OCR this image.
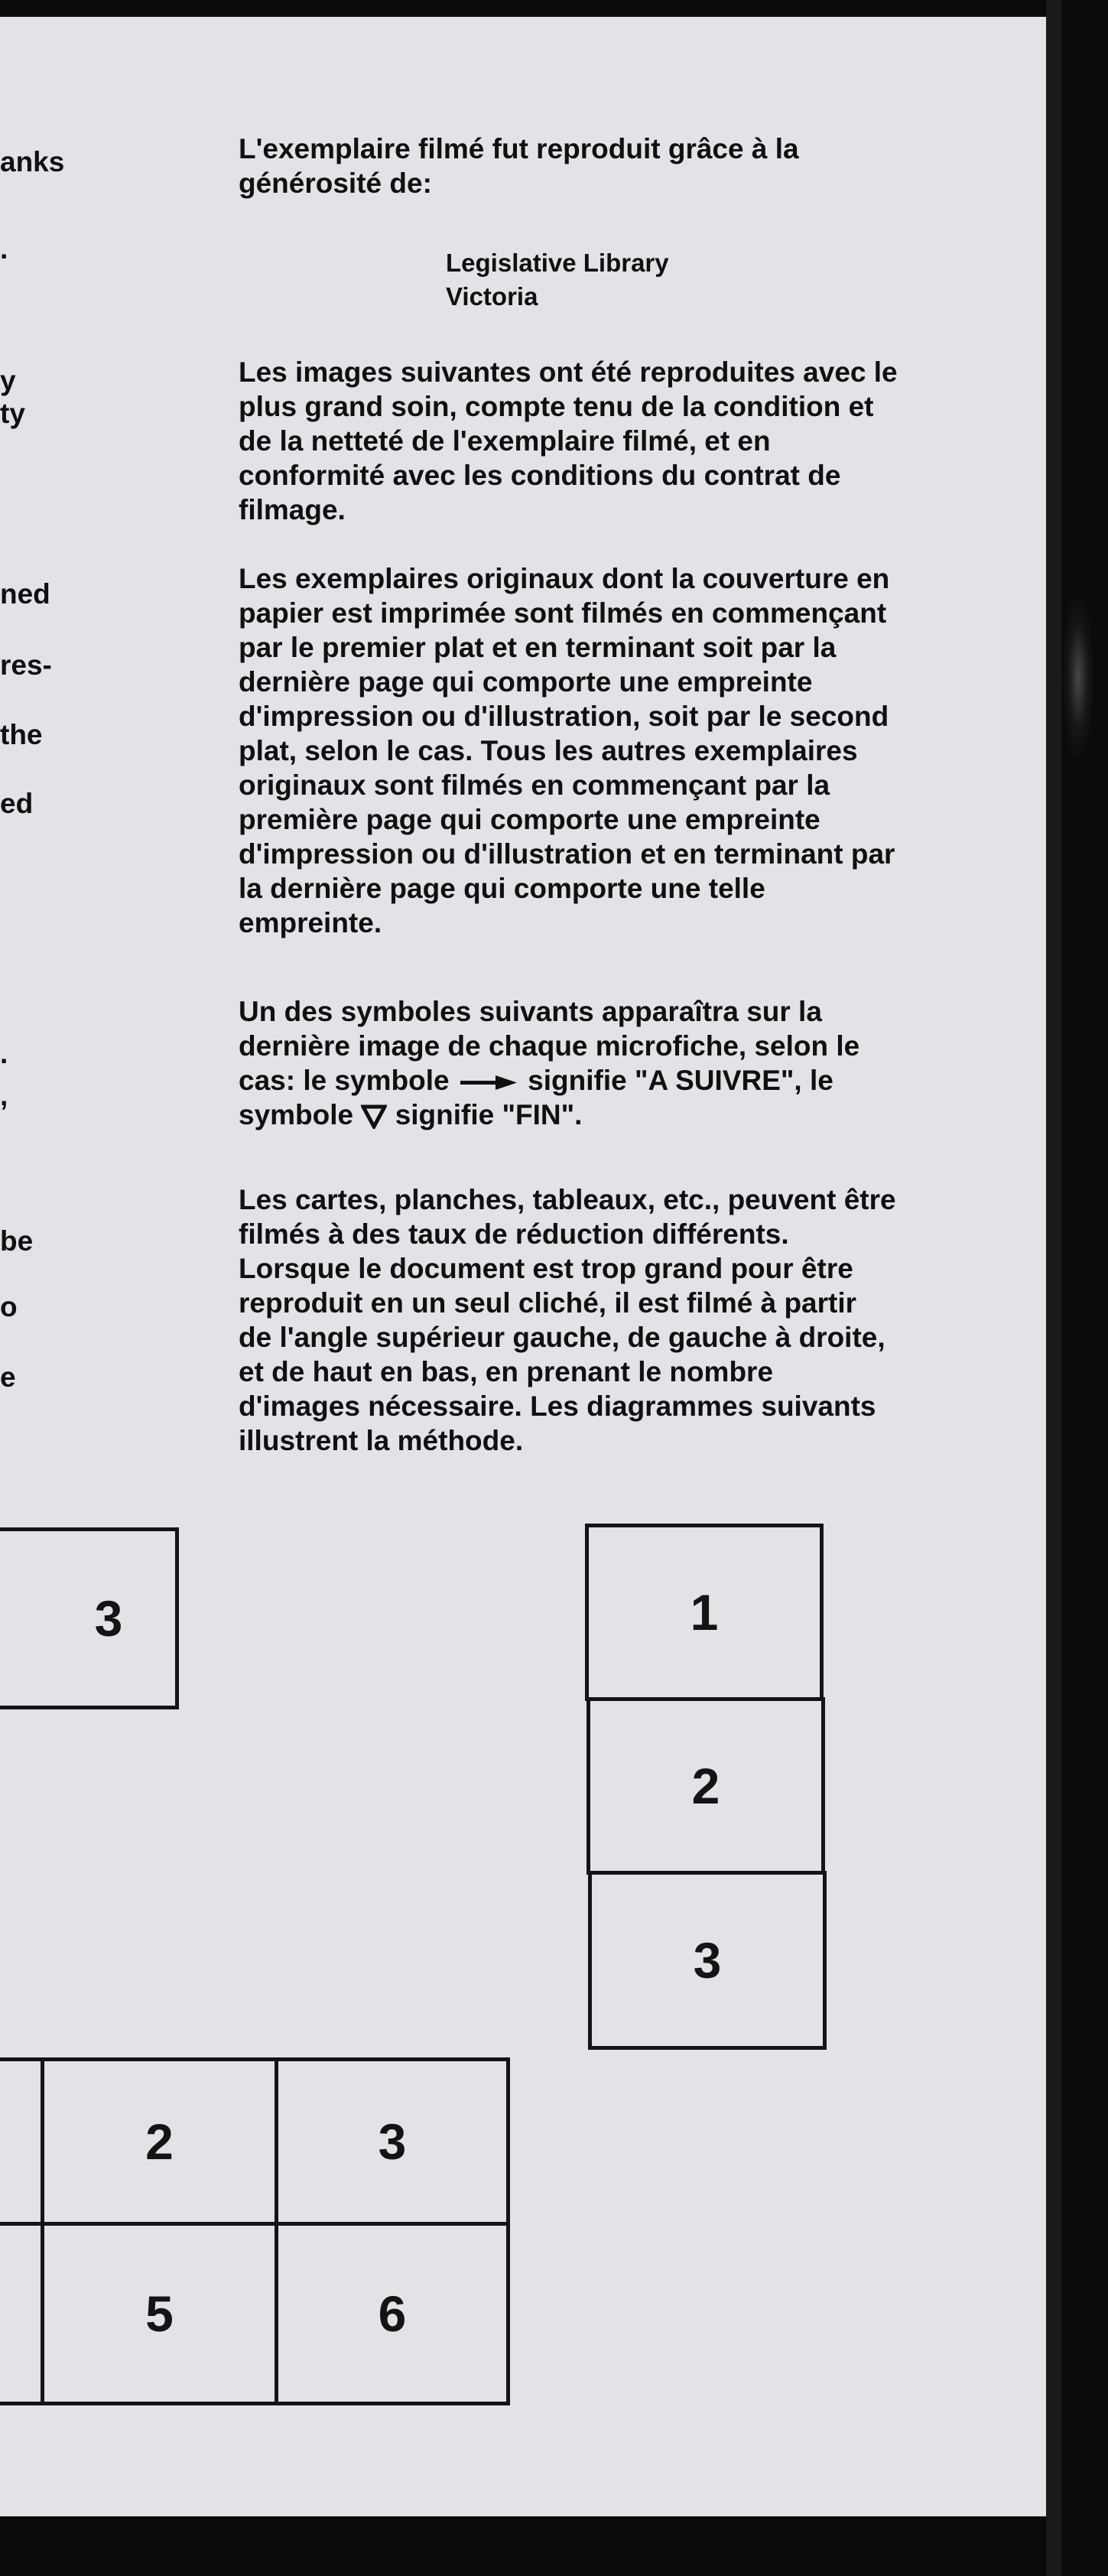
anks
.
y
ty
ned
res-
the
ed
.
,
be
o
e
L'exemplaire filmé fut reproduit grâce à la
générosité de:
Legislative Library
Victoria
Les images suivantes ont été reproduites avec le
plus grand soin, compte tenu de la condition et
de la netteté de l'exemplaire filmé, et en
conformité avec les conditions du contrat de
filmage.
Les exemplaires originaux dont la couverture en
papier est imprimée sont filmés en commençant
par le premier plat et en terminant soit par la
dernière page qui comporte une empreinte
d'impression ou d'illustration, soit par le second
plat, selon le cas. Tous les autres exemplaires
originaux sont filmés en commençant par la
première page qui comporte une empreinte
d'impression ou d'illustration et en terminant par
la dernière page qui comporte une telle
empreinte.
Un des symboles suivants apparaîtra sur la
dernière image de chaque microfiche, selon le
cas: le symbole	signifie "A SUIVRE", le
symbole signifie "FIN".
Les cartes, planches, tableaux, etc., peuvent être
filmés à des taux de réduction différents.
Lorsque le document est trop grand pour être
reproduit en un seul cliché, il est filmé à partir
de l'angle supérieur gauche, de gauche à droite,
et de haut en bas, en prenant le nombre
d'images nécessaire. Les diagrammes suivants
illustrent la méthode.
3	1
2
3
2	3
5	6
